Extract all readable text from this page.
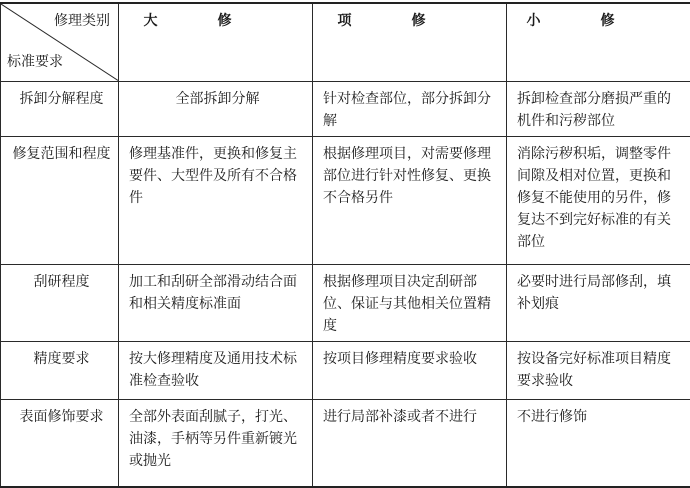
修理类别
标准要求	大修	项修	小修
拆卸分解程度	全部拆卸分解	针对检查部位，部分拆卸分解	拆卸检查部分磨损严重的机件和污秽部位
修复范围和程度	修理基准件，更换和修复主要件、大型件及所有不合格件	根据修理项目，对需要修理部位进行针对性修复、更换不合格另件	消除污秽积垢，调整零件间隙及相对位置，更换和修复不能使用的另件，修复达不到完好标准的有关部位
刮研程度	加工和刮研全部滑动结合面和相关精度标准面	根据修理项目决定刮研部位、保证与其他相关位置精度	必要时进行局部修刮，填补划痕
精度要求	按大修理精度及通用技术标准检查验收	按项目修理精度要求验收	按设备完好标准项目精度要求验收
表面修饰要求	全部外表面刮腻子，打光、油漆，手柄等另件重新镀光或抛光	进行局部补漆或者不进行	不进行修饰
